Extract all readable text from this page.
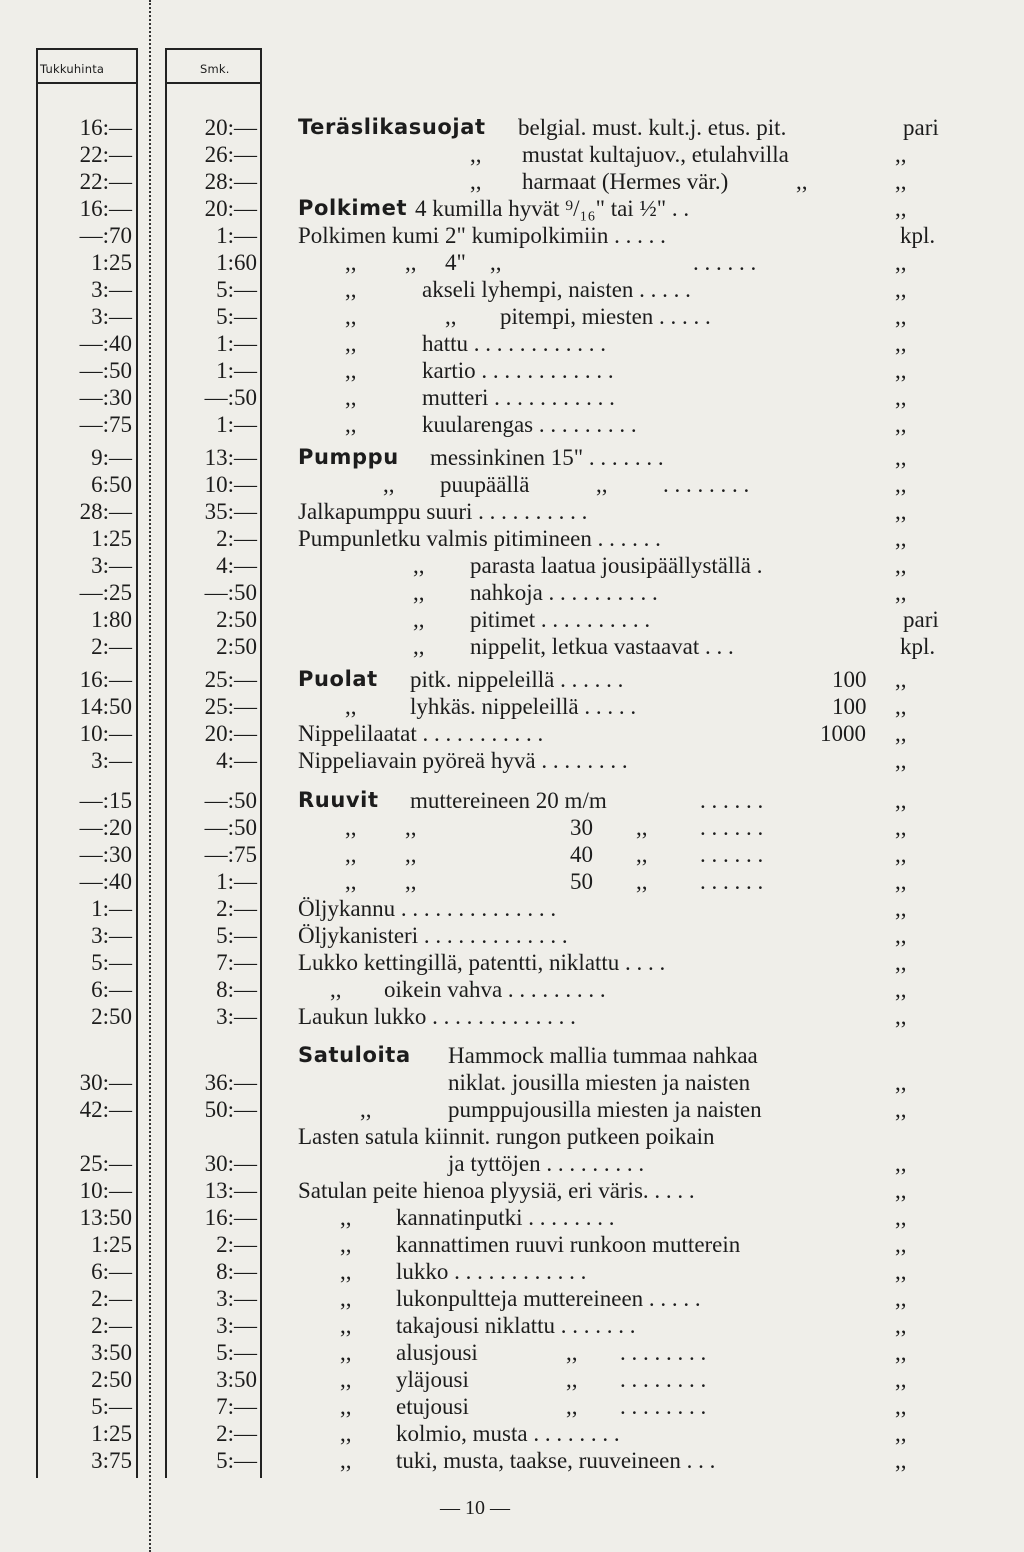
Tukkuhinta	Smk.
16:—	20:— Teräslikasuojat belgial. must. kult.j. etus. pit.	pari
22:—	26:—	,, mustat kultajuov., etulahvilla	,,
22:—	28:—	,, harmaat (Hermes vär.)	,,	,,
16:—	20:— Polkimet 4 kumilla hyvät ⁹/₁₆" tai ½" . .	,,
—:70	1:— Polkimen kumi 2" kumipolkimiin . . . . .	kpl.
1:25	1:60	,, ,, 4" ,,	. . . . . .	,,
3:—	5:—	,,	akseli lyhempi, naisten . . . . .	,,
3:—	5:—	,,	,, pitempi, miesten . . . . .	,,
—:40	1:—	,,	hattu . . . . . . . . . . . .	,,
—:50	1:—	,,	kartio . . . . . . . . . . . .	,,
—:30	—:50	,,	mutteri . . . . . . . . . . .	,,
—:75	1:—	,,	kuularengas . . . . . . . . .	,,
9:—	13:— Pumppu messinkinen 15" . . . . . . .	,,
6:50	10:—	,, puupäällä	,, . . . . . . . .	,,
28:—	35:— Jalkapumppu suuri . . . . . . . . . .	,,
1:25	2:— Pumpunletku valmis pitimineen . . . . . .	,,
3:—	4:—	,, parasta laatua jousipäällyställä .	,,
—:25	—:50	,, nahkoja . . . . . . . . . .	,,
1:80	2:50	,, pitimet . . . . . . . . . .	pari
2:—	2:50	,, nippelit, letkua vastaavat . . .	kpl.
16:—	25:— Puolat pitk. nippeleillä . . . . . .	100 ,,
14:50	25:—	,, lyhkäs. nippeleillä . . . . .	100 ,,
10:—	20:— Nippelilaatat . . . . . . . . . . .	1000 ,,
3:—	4:— Nippeliavain pyöreä hyvä . . . . . . . .	,,
—:15	—:50 Ruuvit muttereineen 20 m/m	. . . . . .	,,
—:20	—:50	,, ,,	30 ,, . . . . . .	,,
—:30	—:75	,, ,,	40 ,, . . . . . .	,,
—:40	1:—	,, ,,	50 ,, . . . . . .	,,
1:—	2:— Öljykannu . . . . . . . . . . . . . .	,,
3:—	5:— Öljykanisteri . . . . . . . . . . . . .	,,
5:—	7:— Lukko kettingillä, patentti, niklattu . . . .	,,
6:—	8:—	,, oikein vahva . . . . . . . . .	,,
2:50	3:— Laukun lukko . . . . . . . . . . . . .	,,
Satuloita Hammock mallia tummaa nahkaa
30:—	36:—	niklat. jousilla miesten ja naisten	,,
42:—	50:—	,,	pumppujousilla miesten ja naisten	,,
Lasten satula kiinnit. rungon putkeen poikain
25:—	30:—	ja tyttöjen . . . . . . . . .	,,
10:—	13:— Satulan peite hienoa plyysiä, eri väris. . . . .	,,
13:50	16:—	,, kannatinputki . . . . . . . .	,,
1:25	2:—	,, kannattimen ruuvi runkoon mutterein	,,
6:—	8:—	,, lukko . . . . . . . . . . . .	,,
2:—	3:—	,, lukonpultteja muttereineen . . . . .	,,
2:—	3:—	,, takajousi niklattu . . . . . . .	,,
3:50	5:—	,, alusjousi	,, . . . . . . . .	,,
2:50	3:50	,, yläjousi	,, . . . . . . . .	,,
5:—	7:—	,, etujousi	,, . . . . . . . .	,,
1:25	2:—	,, kolmio, musta . . . . . . . .	,,
3:75	5:—	,, tuki, musta, taakse, ruuveineen . . .	,,
— 10 —
